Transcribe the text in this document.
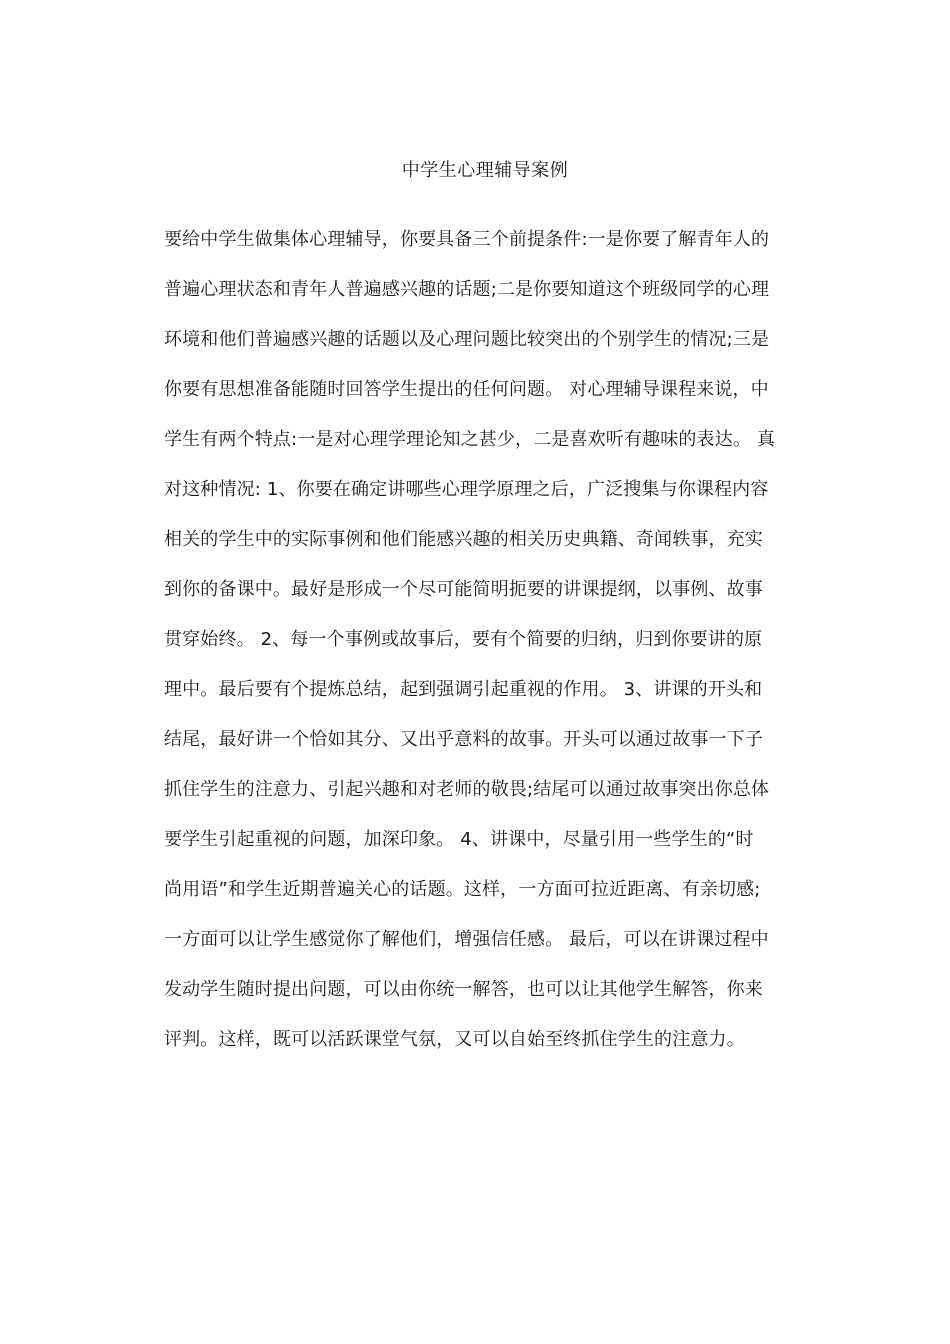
中学生心理辅导案例
要给中学生做集体心理辅导，你要具备三个前提条件:一是你要了解青年人的
普遍心理状态和青年人普遍感兴趣的话题;二是你要知道这个班级同学的心理
环境和他们普遍感兴趣的话题以及心理问题比较突出的个别学生的情况;三是
你要有思想准备能随时回答学生提出的任何问题。 对心理辅导课程来说，中
学生有两个特点:一是对心理学理论知之甚少，二是喜欢听有趣味的表达。 真
对这种情况: 1、你要在确定讲哪些心理学原理之后，广泛搜集与你课程内容
相关的学生中的实际事例和他们能感兴趣的相关历史典籍、奇闻轶事，充实
到你的备课中。最好是形成一个尽可能简明扼要的讲课提纲，以事例、故事
贯穿始终。 2、每一个事例或故事后，要有个简要的归纳，归到你要讲的原
理中。最后要有个提炼总结，起到强调引起重视的作用。 3、讲课的开头和
结尾，最好讲一个恰如其分、又出乎意料的故事。开头可以通过故事一下子
抓住学生的注意力、引起兴趣和对老师的敬畏;结尾可以通过故事突出你总体
要学生引起重视的问题，加深印象。 4、讲课中，尽量引用一些学生的“时
尚用语”和学生近期普遍关心的话题。这样，一方面可拉近距离、有亲切感;
一方面可以让学生感觉你了解他们，增强信任感。 最后，可以在讲课过程中
发动学生随时提出问题，可以由你统一解答，也可以让其他学生解答，你来
评判。这样，既可以活跃课堂气氛，又可以自始至终抓住学生的注意力。
